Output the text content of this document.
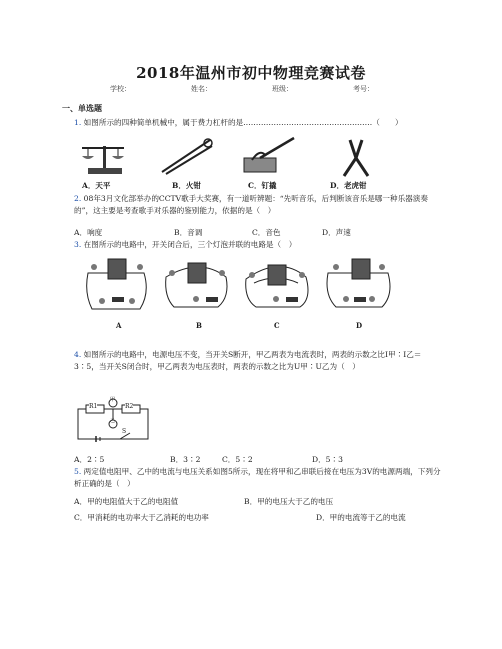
2018年温州市初中物理竞赛试卷
学校：	姓名：	班级：	考号：
一、单选题
1. 如图所示的四种简单机械中，属于费力杠杆的是……………………………………………（　　）
A．天平	B．火钳	C．钉撬	D．老虎钳
2. 08年3月文化部举办的CCTV歌手大奖赛，有一道听辨题：“先听音乐，后判断该音乐是哪一种乐器演奏的”，这主要是考查歌手对乐器的鉴别能力，依据的是（　）
A．响度	B．音调	C．音色	D．声速
3. 在图所示的电路中，开关闭合后，三个灯泡并联的电路是（　）
A	B	C	D
4. 如图所示的电路中，电源电压不变，当开关S断开，甲乙两表为电流表时，两表的示数之比I甲∶I乙＝3∶5，当开关S闭合时，甲乙两表为电压表时，两表的示数之比为U甲∶U乙为（　）
R1	R2
甲
乙
S
A．2∶5	B．3∶2	C．5∶2	D．5∶3
5. 两定值电阻甲、乙中的电流与电压关系如图5所示，现在将甲和乙串联后接在电压为3V的电源两端，下列分析正确的是（　）
A．甲的电阻值大于乙的电阻值	B．甲的电压大于乙的电压
C．甲消耗的电功率大于乙消耗的电功率	D．甲的电流等于乙的电流
